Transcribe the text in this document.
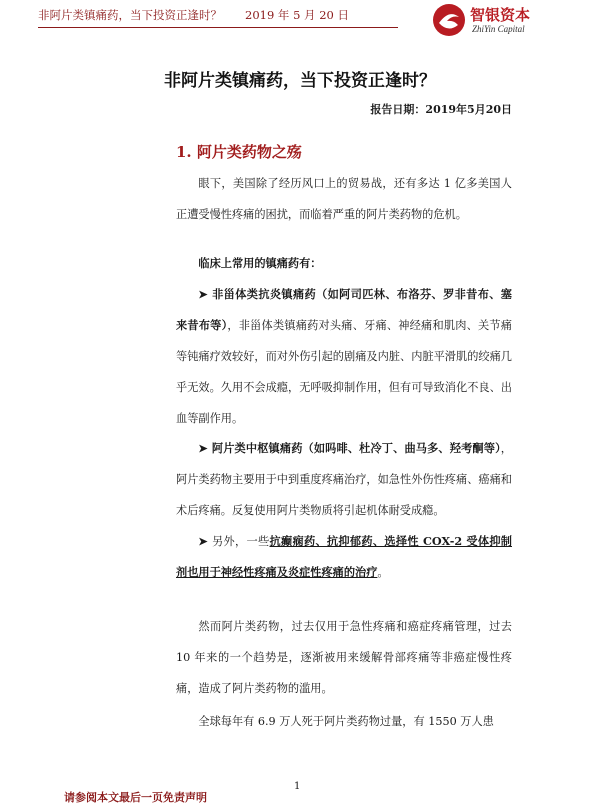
非阿片类镇痛药，当下投资正逢时？　　2019 年 5 月 20 日	智银资本
ZhiYin Capital
非阿片类镇痛药，当下投资正逢时？
报告日期：2019年5月20日
1. 阿片类药物之殇

眼下，美国除了经历风口上的贸易战，还有多达 1 亿多美国人正遭受慢性疼痛的困扰，而临着严重的阿片类药物的危机。

临床上常用的镇痛药有：

➤ 非甾体类抗炎镇痛药（如阿司匹林、布洛芬、罗非昔布、塞来昔布等），非甾体类镇痛药对头痛、牙痛、神经痛和肌肉、关节痛等钝痛疗效较好，而对外伤引起的剧痛及内脏、内脏平滑肌的绞痛几乎无效。久用不会成瘾，无呼吸抑制作用，但有可导致消化不良、出血等副作用。

➤ 阿片类中枢镇痛药（如吗啡、杜冷丁、曲马多、羟考酮等），阿片类药物主要用于中到重度疼痛治疗，如急性外伤性疼痛、癌痛和术后疼痛。反复使用阿片类物质将引起机体耐受成瘾。

➤ 另外，一些抗癫痫药、抗抑郁药、选择性 COX-2 受体抑制剂也用于神经性疼痛及炎症性疼痛的治疗。

然而阿片类药物，过去仅用于急性疼痛和癌症疼痛管理，过去 10 年来的一个趋势是，逐渐被用来缓解骨部疼痛等非癌症慢性疼痛，造成了阿片类药物的滥用。

全球每年有 6.9 万人死于阿片类药物过量，有 1550 万人患

1
请参阅本文最后一页免责声明
